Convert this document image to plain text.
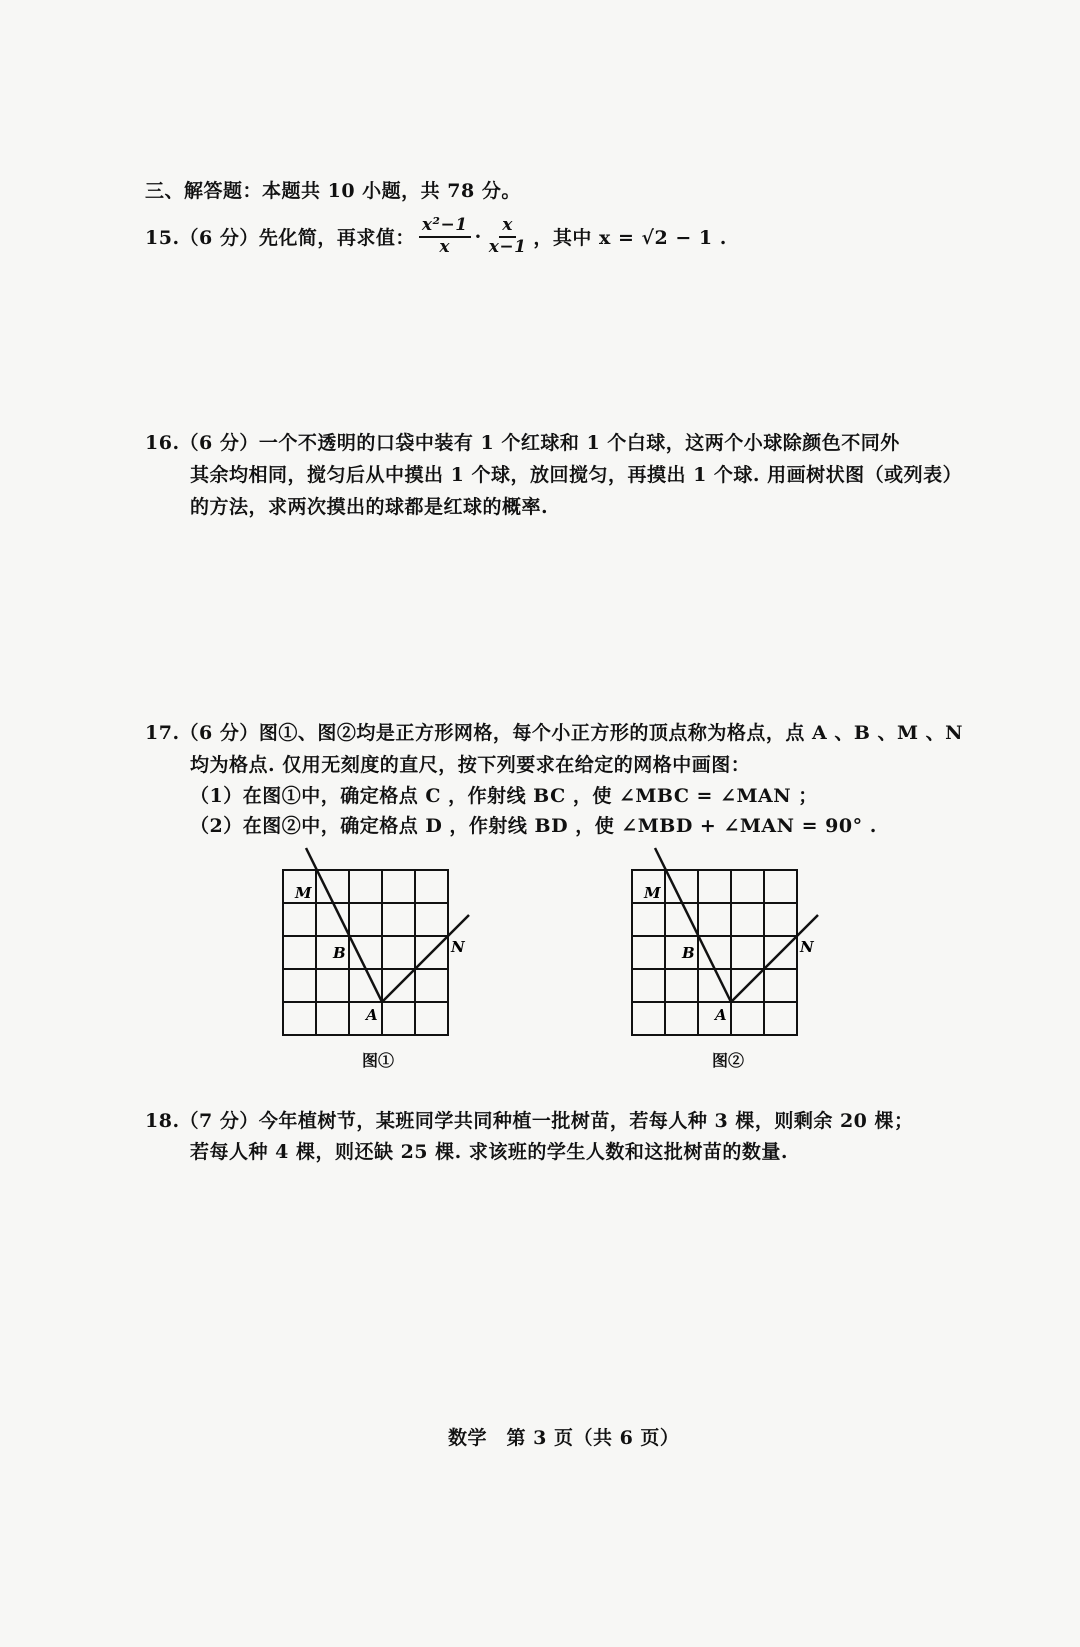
三、解答题：本题共 10 小题，共 78 分。
15.（6 分）先化简，再求值： $\frac{\text{x²−1}}{x} \cdot \frac{x}{x-1}$ ，其中 x = √2 − 1 .
16.（6 分）一个不透明的口袋中装有 1 个红球和 1 个白球，这两个小球除颜色不同外
其余均相同，搅匀后从中摸出 1 个球，放回搅匀，再摸出 1 个球. 用画树状图（或列表）
的方法，求两次摸出的球都是红球的概率.
17.（6 分）图①、图②均是正方形网格，每个小正方形的顶点称为格点，点 A 、B 、M 、N
均为格点. 仅用无刻度的直尺，按下列要求在给定的网格中画图：
（1）在图①中，确定格点 C ，作射线 BC ，使 ∠MBC = ∠MAN ；
（2）在图②中，确定格点 D ，作射线 BD ，使 ∠MBD + ∠MAN = 90° .
M
B
A
N
图①
M
B
A
N
图②
18.（7 分）今年植树节，某班同学共同种植一批树苗，若每人种 3 棵，则剩余 20 棵；
若每人种 4 棵，则还缺 25 棵. 求该班的学生人数和这批树苗的数量.
数学　第 3 页（共 6 页）
